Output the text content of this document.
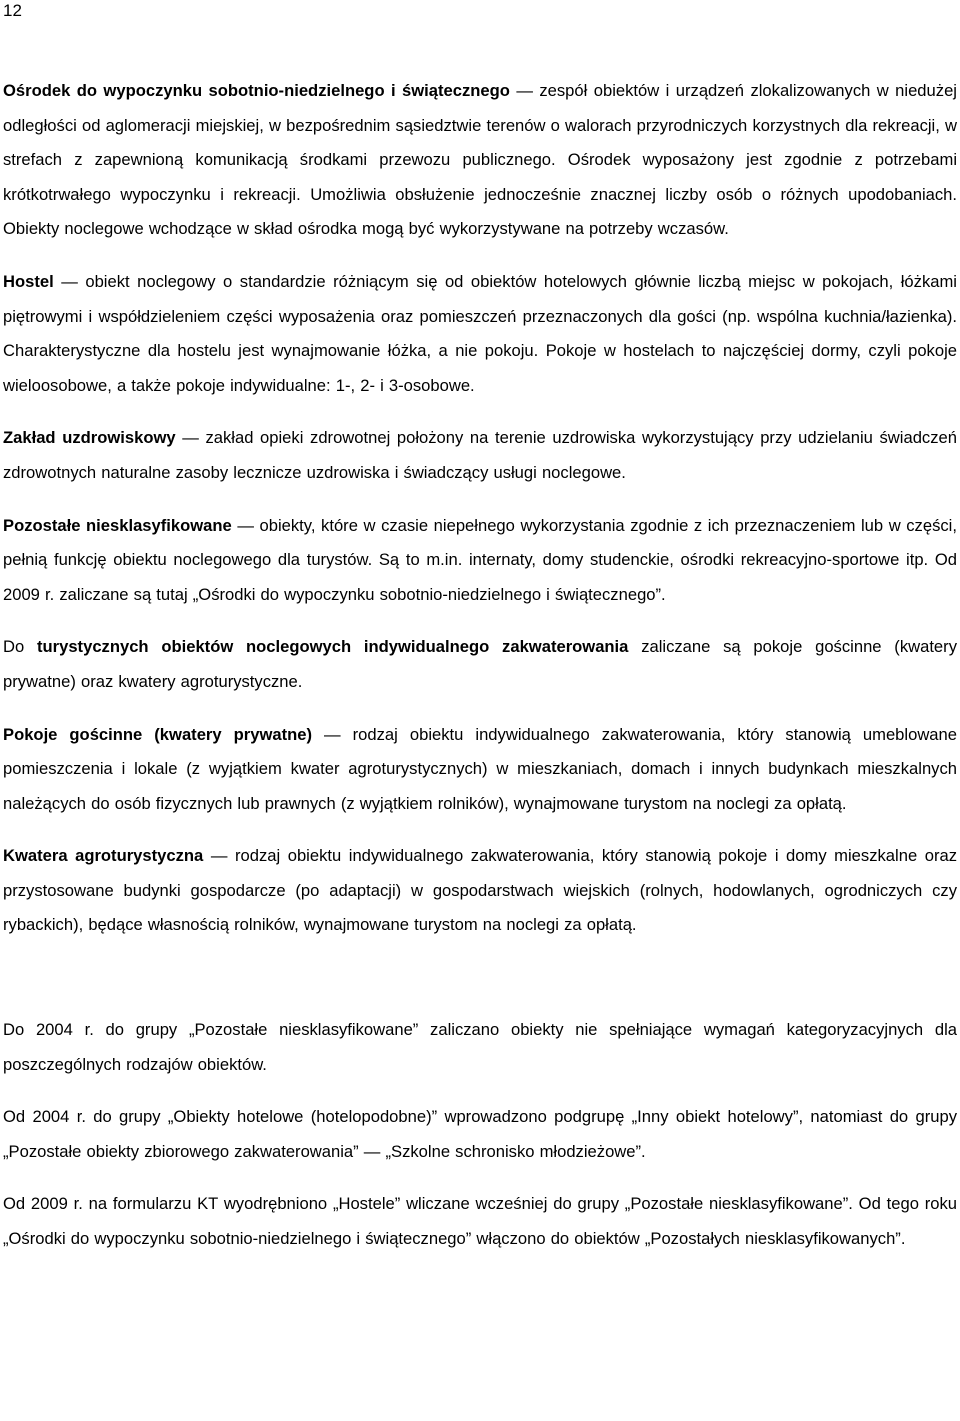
12

Ośrodek do wypoczynku sobotnio-niedzielnego i świątecznego — zespół obiektów i urządzeń zlokalizowanych w niedużej odległości od aglomeracji miejskiej, w bezpośrednim sąsiedztwie terenów o walorach przyrodniczych korzystnych dla rekreacji, w strefach z zapewnioną komunikacją środkami przewozu publicznego. Ośrodek wyposażony jest zgodnie z potrzebami krótkotrwałego wypoczynku i rekreacji. Umożliwia obsłużenie jednocześnie znacznej liczby osób o różnych upodobaniach. Obiekty noclegowe wchodzące w skład ośrodka mogą być wykorzystywane na potrzeby wczasów.

Hostel — obiekt noclegowy o standardzie różniącym się od obiektów hotelowych głównie liczbą miejsc w pokojach, łóżkami piętrowymi i współdzieleniem części wyposażenia oraz pomieszczeń przeznaczonych dla gości (np. wspólna kuchnia/łazienka). Charakterystyczne dla hostelu jest wynajmowanie łóżka, a nie pokoju. Pokoje w hostelach to najczęściej dormy, czyli pokoje wieloosobowe, a także pokoje indywidualne: 1-, 2- i 3-osobowe.

Zakład uzdrowiskowy — zakład opieki zdrowotnej położony na terenie uzdrowiska wykorzystujący przy udzielaniu świadczeń zdrowotnych naturalne zasoby lecznicze uzdrowiska i świadczący usługi noclegowe.

Pozostałe niesklasyfikowane — obiekty, które w czasie niepełnego wykorzystania zgodnie z ich przeznaczeniem lub w części, pełnią funkcję obiektu noclegowego dla turystów. Są to m.in. internaty, domy studenckie, ośrodki rekreacyjno-sportowe itp. Od 2009 r. zaliczane są tutaj „Ośrodki do wypoczynku sobotnio-niedzielnego i świątecznego”.

Do turystycznych obiektów noclegowych indywidualnego zakwaterowania zaliczane są pokoje gościnne (kwatery prywatne) oraz kwatery agroturystyczne.

Pokoje gościnne (kwatery prywatne) — rodzaj obiektu indywidualnego zakwaterowania, który stanowią umeblowane pomieszczenia i lokale (z wyjątkiem kwater agroturystycznych) w mieszkaniach, domach i innych budynkach mieszkalnych należących do osób fizycznych lub prawnych (z wyjątkiem rolników), wynajmowane turystom na noclegi za opłatą.

Kwatera agroturystyczna — rodzaj obiektu indywidualnego zakwaterowania, który stanowią pokoje i domy mieszkalne oraz przystosowane budynki gospodarcze (po adaptacji) w gospodarstwach wiejskich (rolnych, hodowlanych, ogrodniczych czy rybackich), będące własnością rolników, wynajmowane turystom na noclegi za opłatą.

Do 2004 r. do grupy „Pozostałe niesklasyfikowane” zaliczano obiekty nie spełniające wymagań kategoryzacyjnych dla poszczególnych rodzajów obiektów.

Od 2004 r. do grupy „Obiekty hotelowe (hotelopodobne)” wprowadzono podgrupę „Inny obiekt hotelowy”, natomiast do grupy „Pozostałe obiekty zbiorowego zakwaterowania” — „Szkolne schronisko młodzieżowe”.

Od 2009 r. na formularzu KT wyodrębniono „Hostele” wliczane wcześniej do grupy „Pozostałe niesklasyfikowane”. Od tego roku „Ośrodki do wypoczynku sobotnio-niedzielnego i świątecznego” włączono do obiektów „Pozostałych niesklasyfikowanych”.
